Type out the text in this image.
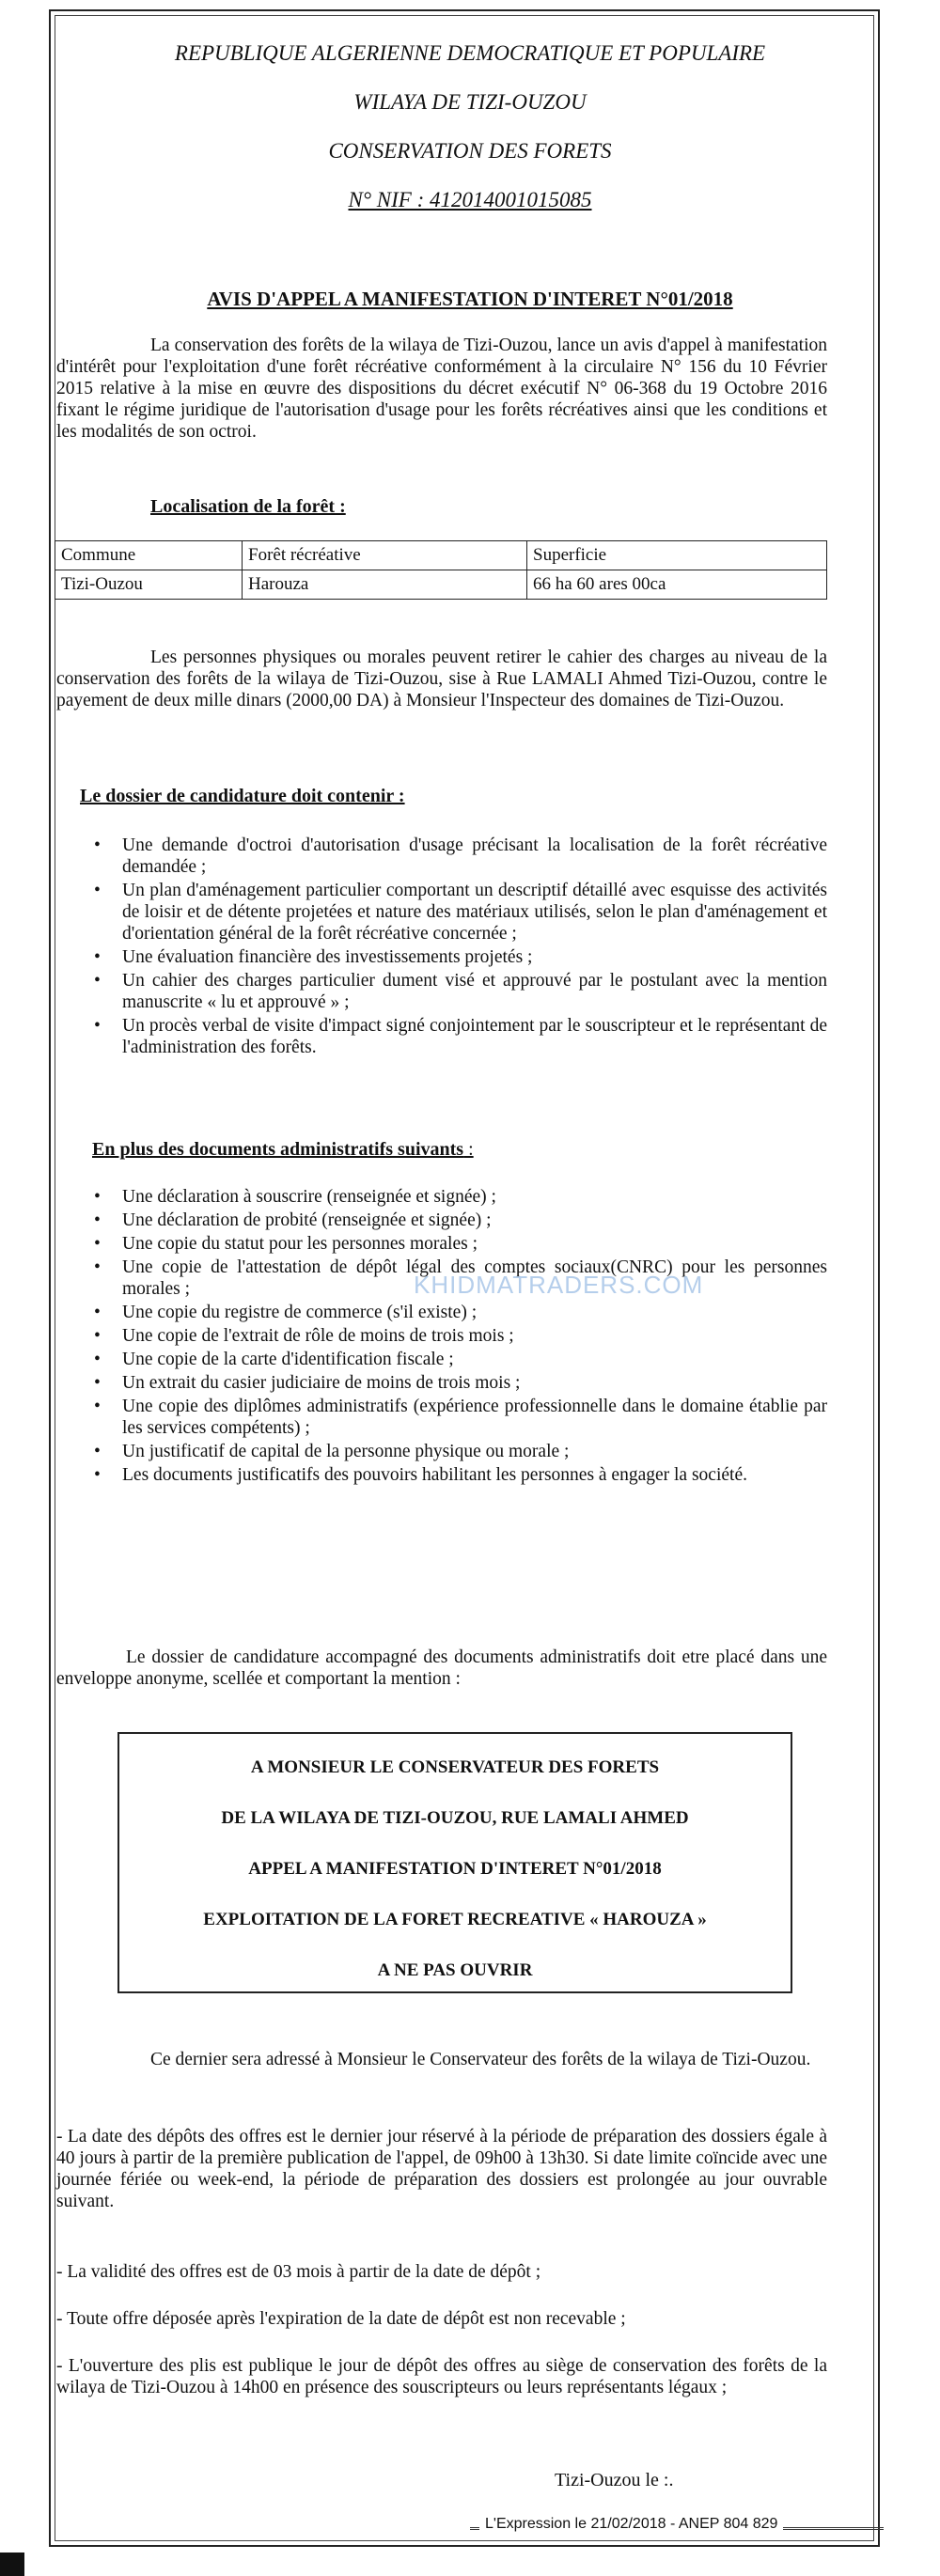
REPUBLIQUE ALGERIENNE DEMOCRATIQUE ET POPULAIRE
WILAYA DE TIZI-OUZOU
CONSERVATION DES FORETS
N° NIF : 412014001015085
AVIS D'APPEL A MANIFESTATION D'INTERET N°01/2018
La conservation des forêts de la wilaya de Tizi-Ouzou, lance un avis d'appel à manifestation d'intérêt pour l'exploitation d'une forêt récréative conformément à la circulaire N° 156 du 10 Février 2015 relative à la mise en œuvre des dispositions du décret exécutif N° 06-368 du 19 Octobre 2016 fixant le régime juridique de l'autorisation d'usage pour les forêts récréatives ainsi que les conditions et les modalités de son octroi.
Localisation de la forêt :
Commune	Forêt récréative	Superficie
Tizi-Ouzou	Harouza	66 ha 60 ares 00ca
Les personnes physiques ou morales peuvent retirer le cahier des charges au niveau de la conservation des forêts de la wilaya de Tizi-Ouzou, sise à Rue LAMALI Ahmed Tizi-Ouzou, contre le payement de deux mille dinars (2000,00 DA) à Monsieur l'Inspecteur des domaines de Tizi-Ouzou.
Le dossier de candidature doit contenir :
• Une demande d'octroi d'autorisation d'usage précisant la localisation de la forêt récréative demandée ;
• Un plan d'aménagement particulier comportant un descriptif détaillé avec esquisse des activités de loisir et de détente projetées et nature des matériaux utilisés, selon le plan d'aménagement et d'orientation général de la forêt récréative concernée ;
• Une évaluation financière des investissements projetés ;
• Un cahier des charges particulier dument visé et approuvé par le postulant avec la mention manuscrite « lu et approuvé » ;
• Un procès verbal de visite d'impact signé conjointement par le souscripteur et le représentant de l'administration des forêts.
En plus des documents administratifs suivants :
• Une déclaration à souscrire (renseignée et signée) ;
• Une déclaration de probité (renseignée et signée) ;
• Une copie du statut pour les personnes morales ;
• Une copie de l'attestation de dépôt légal des comptes sociaux(CNRC) pour les personnes morales ;
• Une copie du registre de commerce (s'il existe) ;
• Une copie de l'extrait de rôle de moins de trois mois ;
• Une copie de la carte d'identification fiscale ;
• Un extrait du casier judiciaire de moins de trois mois ;
• Une copie des diplômes administratifs (expérience professionnelle dans le domaine établie par les services compétents) ;
• Un justificatif de capital de la personne physique ou morale ;
• Les documents justificatifs des pouvoirs habilitant les personnes à engager la société.
KHIDMATRADERS.COM
Le dossier de candidature accompagné des documents administratifs doit etre placé dans une enveloppe anonyme, scellée et comportant la mention :
A MONSIEUR LE CONSERVATEUR DES FORETS
DE LA WILAYA DE TIZI-OUZOU, RUE LAMALI AHMED
APPEL A MANIFESTATION D'INTERET N°01/2018
EXPLOITATION DE LA FORET RECREATIVE « HAROUZA »
A NE PAS OUVRIR
Ce dernier sera adressé à Monsieur le Conservateur des forêts de la wilaya de Tizi-Ouzou.
- La date des dépôts des offres est le dernier jour réservé à la période de préparation des dossiers égale à 40 jours à partir de la première publication de l'appel, de 09h00 à 13h30. Si date limite coïncide avec une journée fériée ou week-end, la période de préparation des dossiers est prolongée au jour ouvrable suivant.
- La validité des offres est de 03 mois à partir de la date de dépôt ;
- Toute offre déposée après l'expiration de la date de dépôt est non recevable ;
- L'ouverture des plis est publique le jour de dépôt des offres au siège de conservation des forêts de la wilaya de Tizi-Ouzou à 14h00 en présence des souscripteurs ou leurs représentants légaux ;
Tizi-Ouzou le :.
L'Expression le 21/02/2018 - ANEP 804 829
